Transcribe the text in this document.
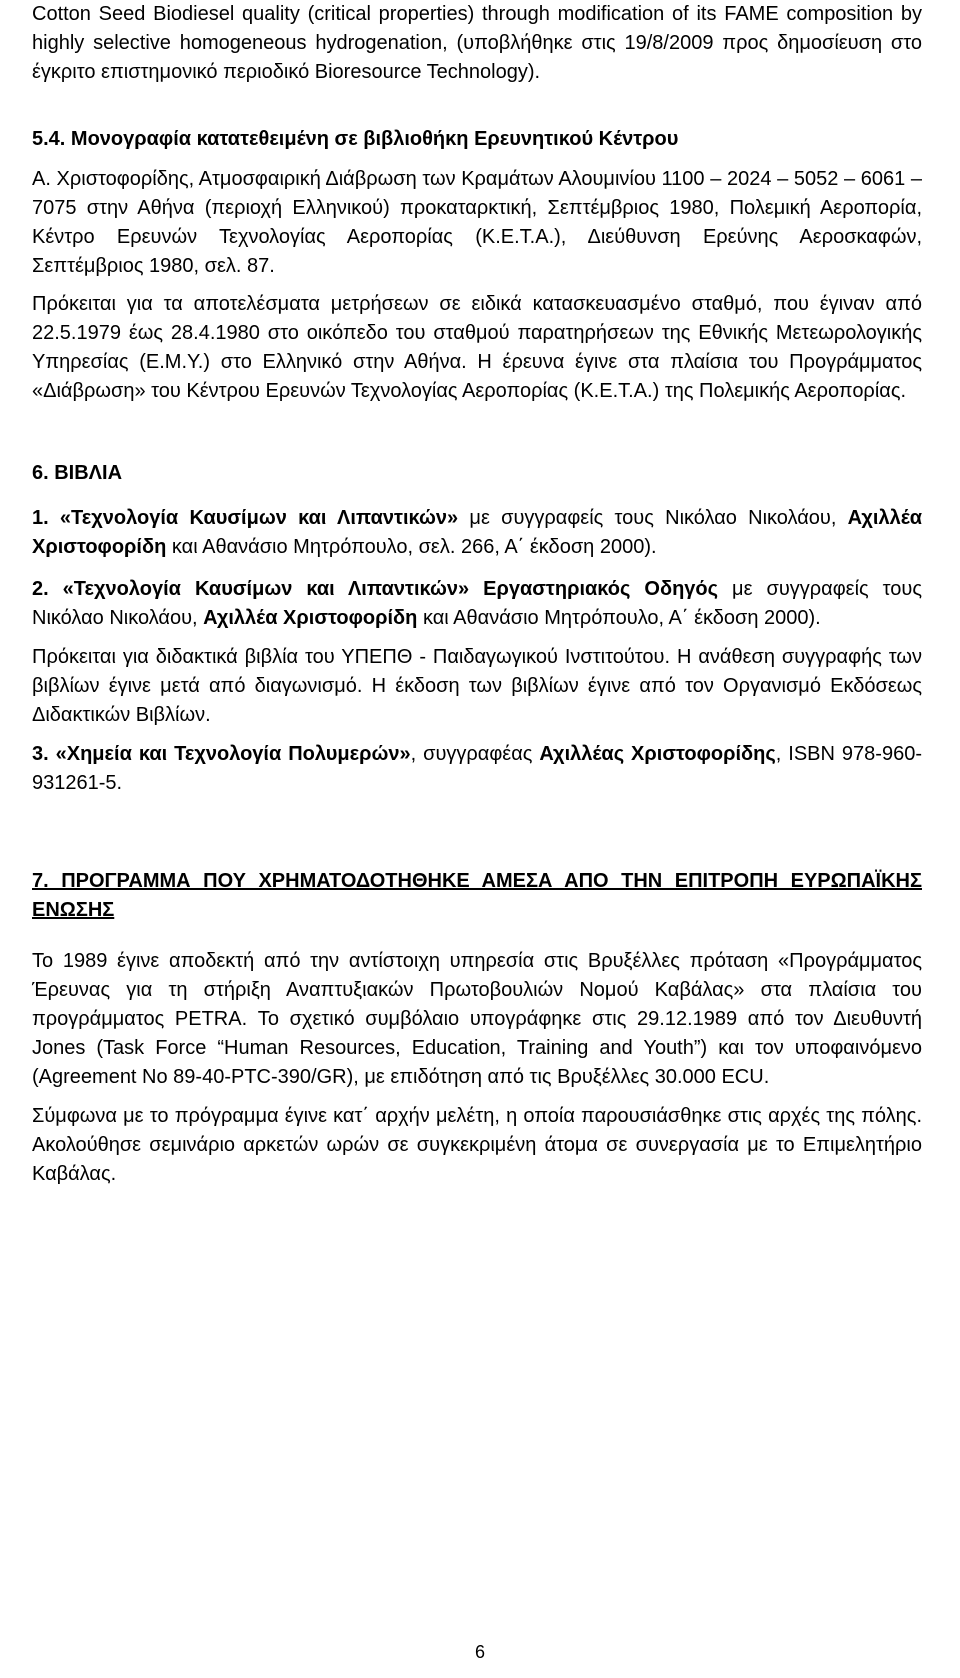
Cotton Seed Biodiesel quality (critical properties) through modification of its FAME composition by highly selective homogeneous hydrogenation, (υποβλήθηκε στις 19/8/2009 προς δημοσίευση στο έγκριτο επιστημονικό περιοδικό Bioresource Technology).

5.4. Μονογραφία κατατεθειμένη σε βιβλιοθήκη Ερευνητικού Κέντρου

Α. Χριστοφορίδης, Ατμοσφαιρική Διάβρωση των Κραμάτων Αλουμινίου 1100 – 2024 – 5052 – 6061 – 7075 στην Αθήνα (περιοχή Ελληνικού) προκαταρκτική, Σεπτέμβριος 1980, Πολεμική Αεροπορία, Κέντρο Ερευνών Τεχνολογίας Αεροπορίας (Κ.Ε.Τ.Α.), Διεύθυνση Ερεύνης Αεροσκαφών, Σεπτέμβριος 1980, σελ. 87.

Πρόκειται για τα αποτελέσματα μετρήσεων σε ειδικά κατασκευασμένο σταθμό, που έγιναν από 22.5.1979 έως 28.4.1980 στο οικόπεδο του σταθμού παρατηρήσεων της Εθνικής Μετεωρολογικής Υπηρεσίας (Ε.Μ.Υ.) στο Ελληνικό στην Αθήνα. Η έρευνα έγινε στα πλαίσια του Προγράμματος «Διάβρωση» του Κέντρου Ερευνών Τεχνολογίας Αεροπορίας (Κ.Ε.Τ.Α.) της Πολεμικής Αεροπορίας.

6. ΒΙΒΛΙΑ

1. «Τεχνολογία Καυσίμων και Λιπαντικών» με συγγραφείς τους Νικόλαο Νικολάου, Αχιλλέα Χριστοφορίδη και Αθανάσιο Μητρόπουλο, σελ. 266, Α΄ έκδοση 2000).

2. «Τεχνολογία Καυσίμων και Λιπαντικών» Εργαστηριακός Οδηγός με συγγραφείς τους Νικόλαο Νικολάου, Αχιλλέα Χριστοφορίδη και Αθανάσιο Μητρόπουλο, Α΄ έκδοση 2000).

Πρόκειται για διδακτικά βιβλία του ΥΠΕΠΘ - Παιδαγωγικού Ινστιτούτου. Η ανάθεση συγγραφής των βιβλίων έγινε μετά από διαγωνισμό. Η έκδοση των βιβλίων έγινε από τον Οργανισμό Εκδόσεως Διδακτικών Βιβλίων.

3. «Χημεία και Τεχνολογία Πολυμερών», συγγραφέας Αχιλλέας Χριστοφορίδης, ISBN 978-960-931261-5.

7. ΠΡΟΓΡΑΜΜΑ ΠΟΥ ΧΡΗΜΑΤΟΔΟΤΗΘΗΚΕ ΑΜΕΣΑ ΑΠΟ ΤΗΝ ΕΠΙΤΡΟΠΗ ΕΥΡΩΠΑΪΚΗΣ ΕΝΩΣΗΣ

Το 1989 έγινε αποδεκτή από την αντίστοιχη υπηρεσία στις Βρυξέλλες πρόταση «Προγράμματος Έρευνας για τη στήριξη Αναπτυξιακών Πρωτοβουλιών Νομού Καβάλας» στα πλαίσια του προγράμματος PETRA. Το σχετικό συμβόλαιο υπογράφηκε στις 29.12.1989 από τον Διευθυντή Jones (Task Force “Human Resources, Education, Training and Youth”) και τον υποφαινόμενο (Agreement No 89-40-PTC-390/GR), με επιδότηση από τις Βρυξέλλες 30.000 ECU.

Σύμφωνα με το πρόγραμμα έγινε κατ΄ αρχήν μελέτη, η οποία παρουσιάσθηκε στις αρχές της πόλης. Ακολούθησε σεμινάριο αρκετών ωρών σε συγκεκριμένη άτομα σε συνεργασία με το Επιμελητήριο Καβάλας.

6
